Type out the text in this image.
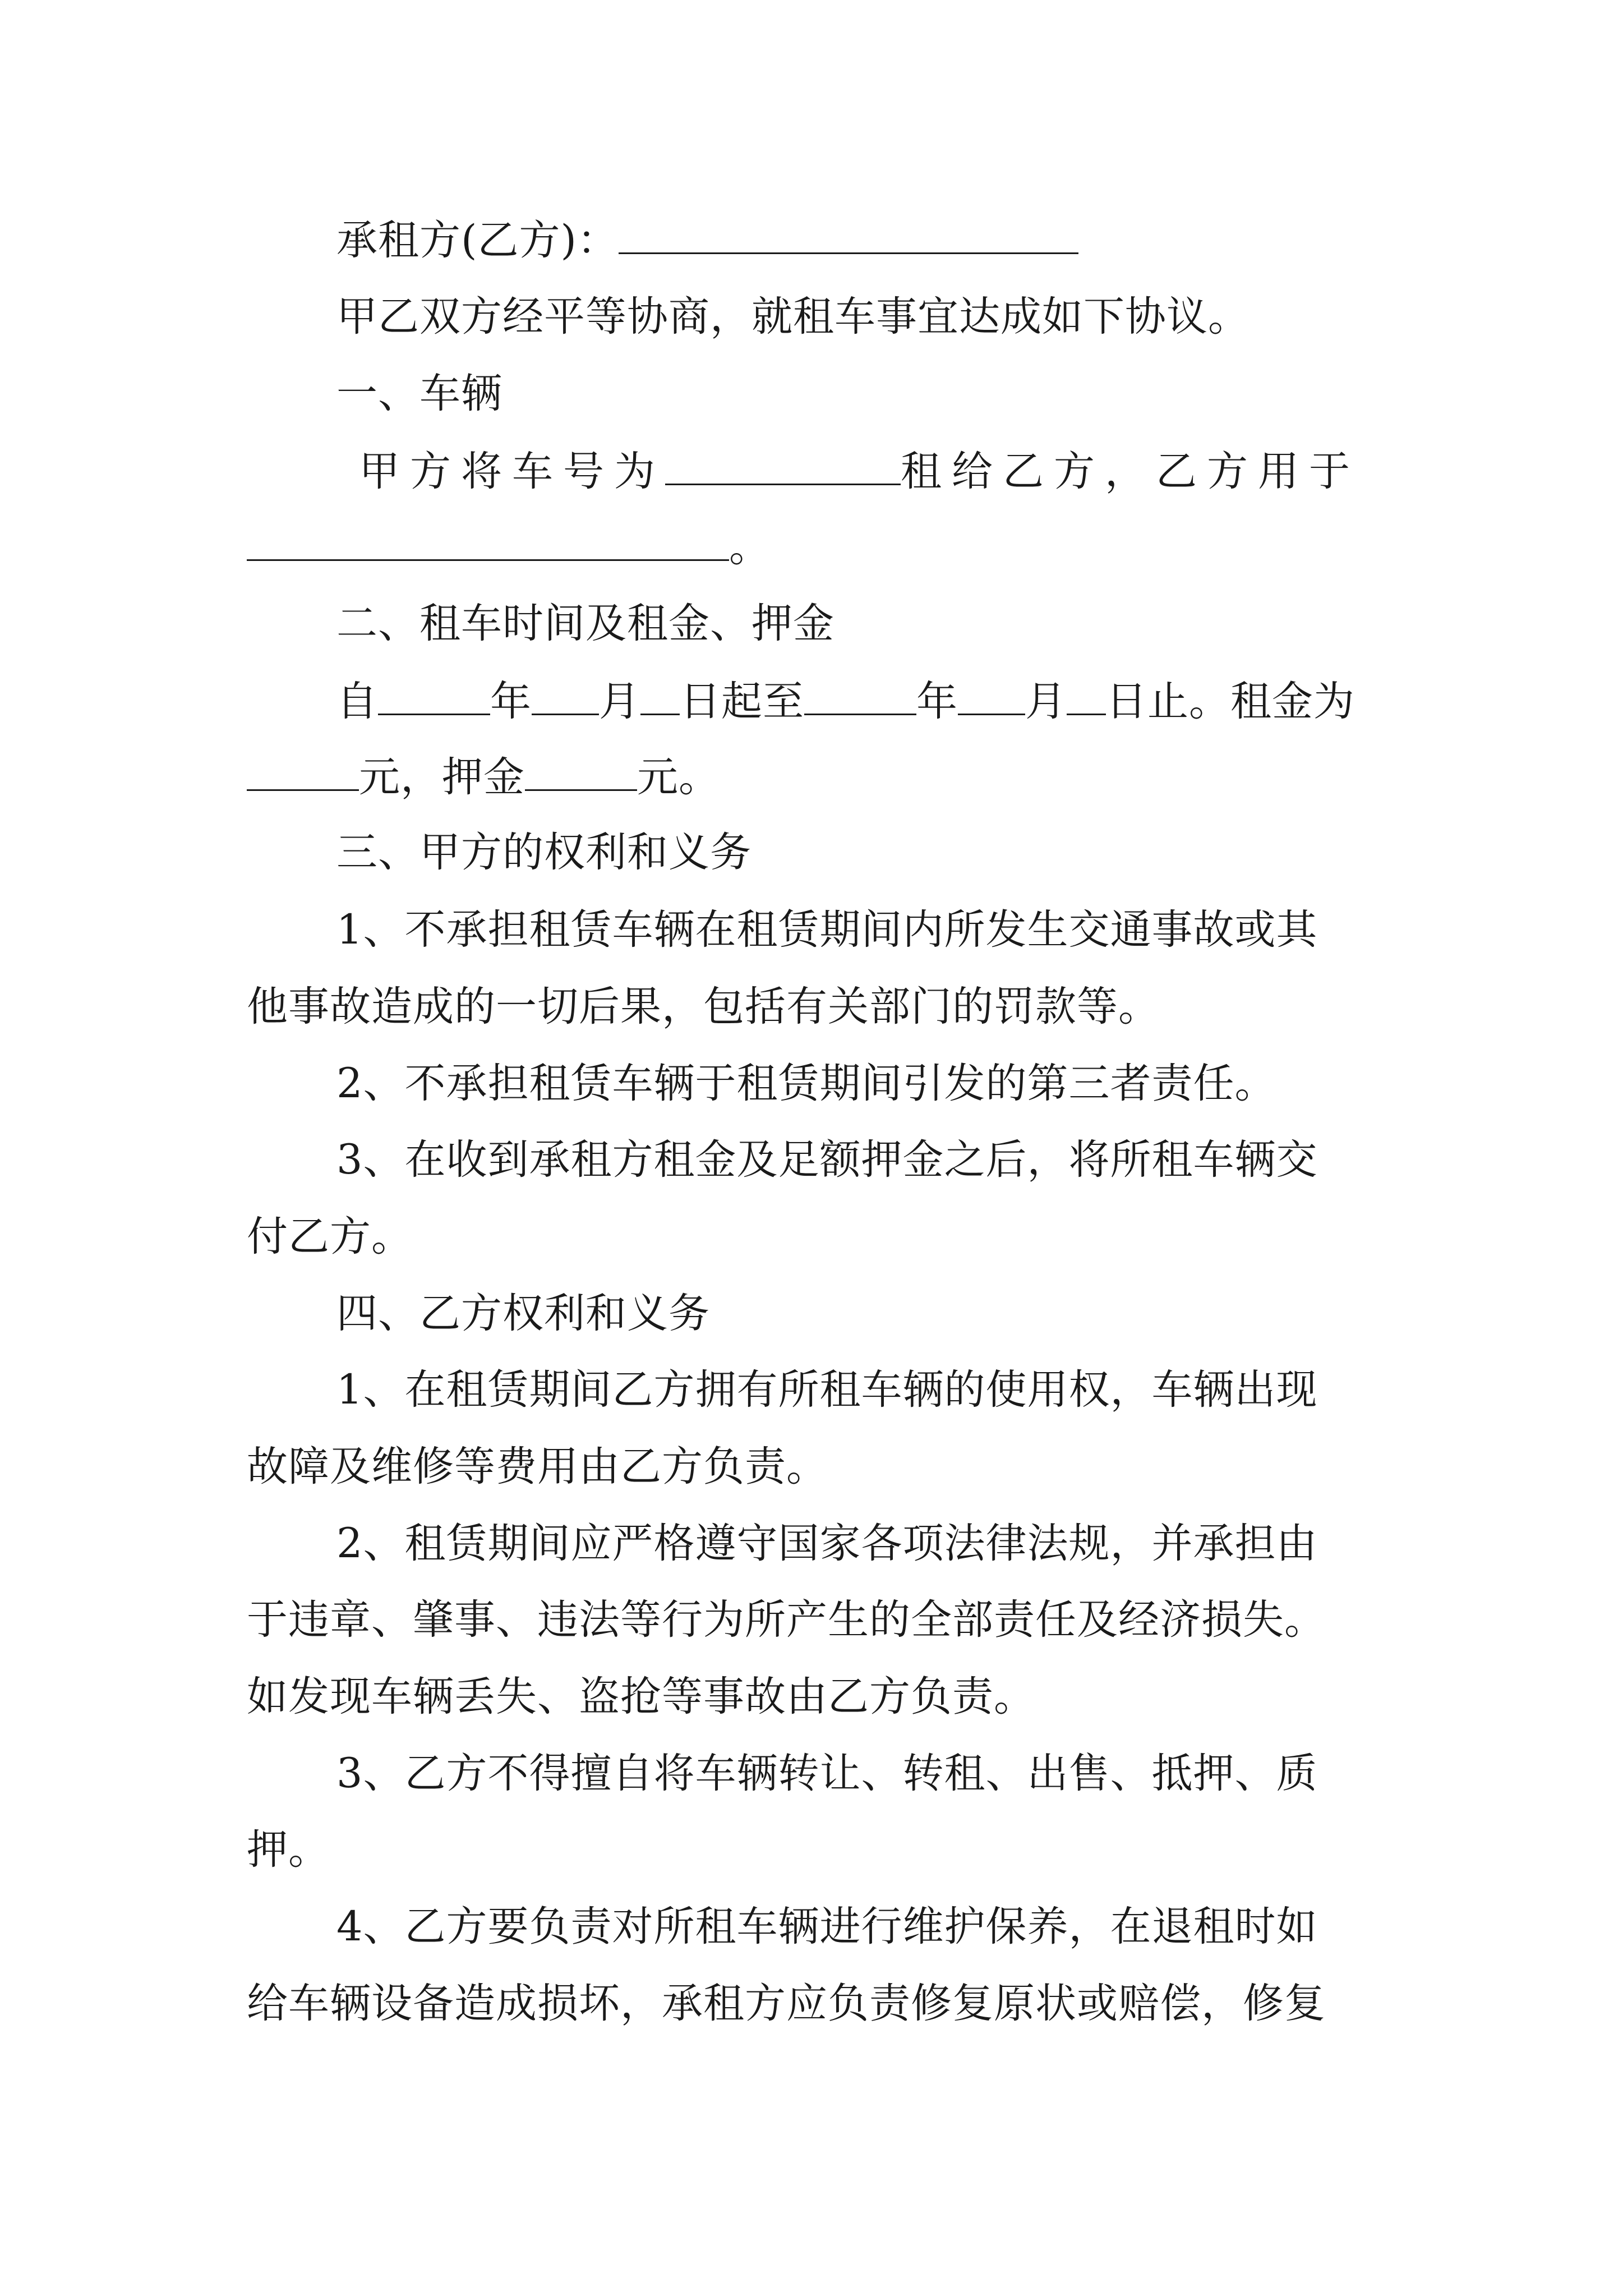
承租方(乙方)：
甲乙双方经平等协商，就租车事宜达成如下协议。
一、车辆
甲方将车号为	租给乙方，乙方用于
。
二、租车时间及租金、押金
自	年 月 日起至	年 月 日止。租金为
元，押金	元。
三、甲方的权利和义务
1、不承担租赁车辆在租赁期间内所发生交通事故或其
他事故造成的一切后果，包括有关部门的罚款等。
2、不承担租赁车辆于租赁期间引发的第三者责任。
3、在收到承租方租金及足额押金之后，将所租车辆交
付乙方。
四、乙方权利和义务
1、在租赁期间乙方拥有所租车辆的使用权，车辆出现
故障及维修等费用由乙方负责。
2、租赁期间应严格遵守国家各项法律法规，并承担由
于违章、肇事、违法等行为所产生的全部责任及经济损失。
如发现车辆丢失、盗抢等事故由乙方负责。
3、乙方不得擅自将车辆转让、转租、出售、抵押、质
押。
4、乙方要负责对所租车辆进行维护保养，在退租时如
给车辆设备造成损坏，承租方应负责修复原状或赔偿，修复
